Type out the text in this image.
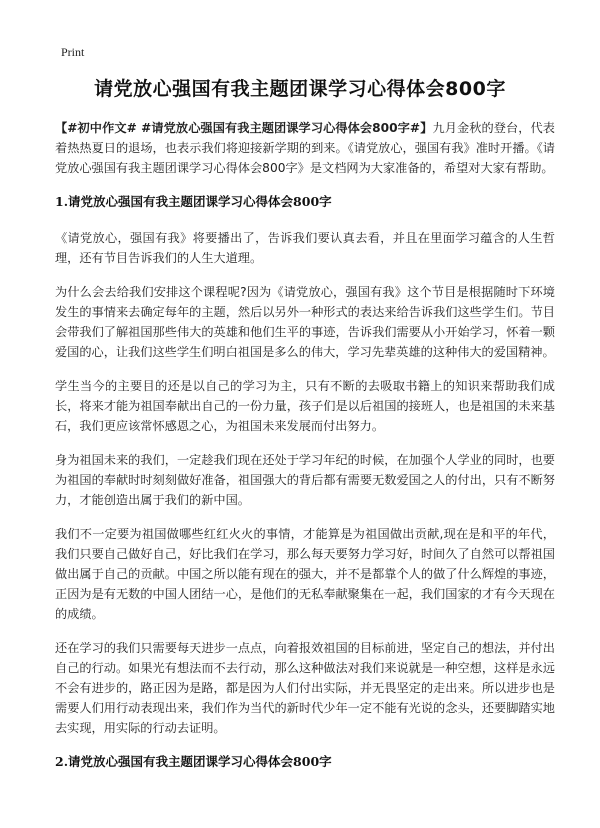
Print
请党放心强国有我主题团课学习心得体会800字

【#初中作文# #请党放心强国有我主题团课学习心得体会800字#】九月金秋的登台，代表着热热夏日的退场，也表示我们将迎接新学期的到来。《请党放心，强国有我》准时开播。《请党放心强国有我主题团课学习心得体会800字》是文档网为大家准备的，希望对大家有帮助。

1.请党放心强国有我主题团课学习心得体会800字

《请党放心，强国有我》将要播出了，告诉我们要认真去看，并且在里面学习蕴含的人生哲理，还有节目告诉我们的人生大道理。

为什么会去给我们安排这个课程呢?因为《请党放心，强国有我》这个节目是根据随时下环境发生的事情来去确定每年的主题，然后以另外一种形式的表达来给告诉我们这些学生们。节目会带我们了解祖国那些伟大的英雄和他们生平的事迹，告诉我们需要从小开始学习，怀着一颗爱国的心，让我们这些学生们明白祖国是多么的伟大，学习先辈英雄的这种伟大的爱国精神。

学生当今的主要目的还是以自己的学习为主，只有不断的去吸取书籍上的知识来帮助我们成长，将来才能为祖国奉献出自己的一份力量，孩子们是以后祖国的接班人，也是祖国的未来基石，我们更应该常怀感恩之心，为祖国未来发展而付出努力。

身为祖国未来的我们，一定趁我们现在还处于学习年纪的时候，在加强个人学业的同时，也要为祖国的奉献时时刻刻做好准备，祖国强大的背后都有需要无数爱国之人的付出，只有不断努力，才能创造出属于我们的新中国。

我们不一定要为祖国做哪些红红火火的事情，才能算是为祖国做出贡献,现在是和平的年代，我们只要自己做好自己，好比我们在学习，那么每天要努力学习好，时间久了自然可以帮祖国做出属于自己的贡献。中国之所以能有现在的强大，并不是都靠个人的做了什么辉煌的事迹，正因为是有无数的中国人团结一心，是他们的无私奉献聚集在一起，我们国家的才有今天现在的成绩。

还在学习的我们只需要每天进步一点点，向着报效祖国的目标前进，坚定自己的想法，并付出自己的行动。如果光有想法而不去行动，那么这种做法对我们来说就是一种空想，这样是永远不会有进步的，路正因为是路，都是因为人们付出实际，并无畏坚定的走出来。所以进步也是需要人们用行动表现出来，我们作为当代的新时代少年一定不能有光说的念头，还要脚踏实地去实现，用实际的行动去证明。

2.请党放心强国有我主题团课学习心得体会800字
